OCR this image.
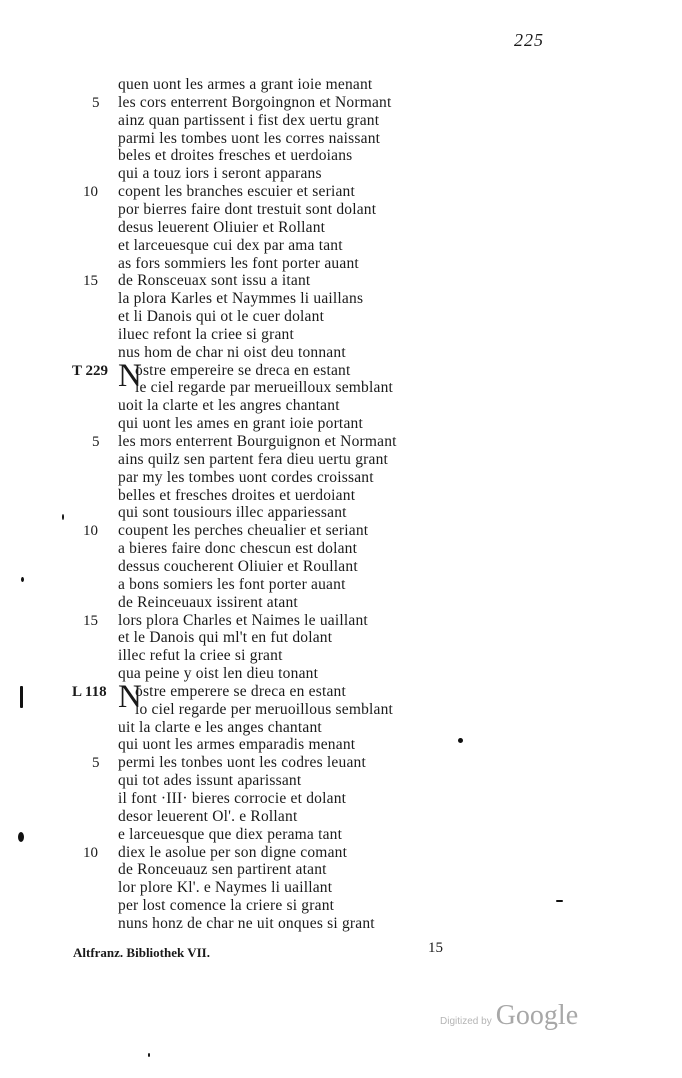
225
quen uont les armes a grant ioie menant
les cors enterrent Borgoingnon et Normant
5
ainz quan partissent i fist dex uertu grant
parmi les tombes uont les corres naissant
beles et droites fresches et uerdoians
qui a touz iors i seront apparans
copent les branches escuier et seriant
10
por bierres faire dont trestuit sont dolant
desus leuerent Oliuier et Rollant
et larceuesque cui dex par ama tant
as fors sommiers les font porter auant
de Ronsceuax sont issu a itant
15
la plora Karles et Naymmes li uaillans
et li Danois qui ot le cuer dolant
iluec refont la criee si grant
nus hom de char ni oist deu tonnant
T 229 N
ostre empereire se dreca en estant
le ciel regarde par merueilloux semblant
uoit la clarte et les angres chantant
qui uont les ames en grant ioie portant
les mors enterrent Bourguignon et Normant
5
ains quilz sen partent fera dieu uertu grant
par my les tombes uont cordes croissant
belles et fresches droites et uerdoiant
qui sont tousiours illec appariessant
coupent les perches cheualier et seriant
10
a bieres faire donc chescun est dolant
dessus coucherent Oliuier et Roullant
a bons somiers les font porter auant
de Reinceuaux issirent atant
lors plora Charles et Naimes le uaillant
15
et le Danois qui ml't en fut dolant
illec refut la criee si grant
qua peine y oist len dieu tonant
L 118 N
ostre emperere se dreca en estant
lo ciel regarde per meruoillous semblant
uit la clarte e les anges chantant
qui uont les armes emparadis menant
permi les tonbes uont les codres leuant
5
qui tot ades issunt aparissant
il font ·III· bieres corrocie et dolant
desor leuerent Ol'. e Rollant
e larceuesque que diex perama tant
diex le asolue per son digne comant
10
de Ronceuauz sen partirent atant
lor plore Kl'. e Naymes li uaillant
per lost comence la criere si grant
nuns honz de char ne uit onques si grant
Altfranz. Bibliothek VII.	15
Digitized by Google
